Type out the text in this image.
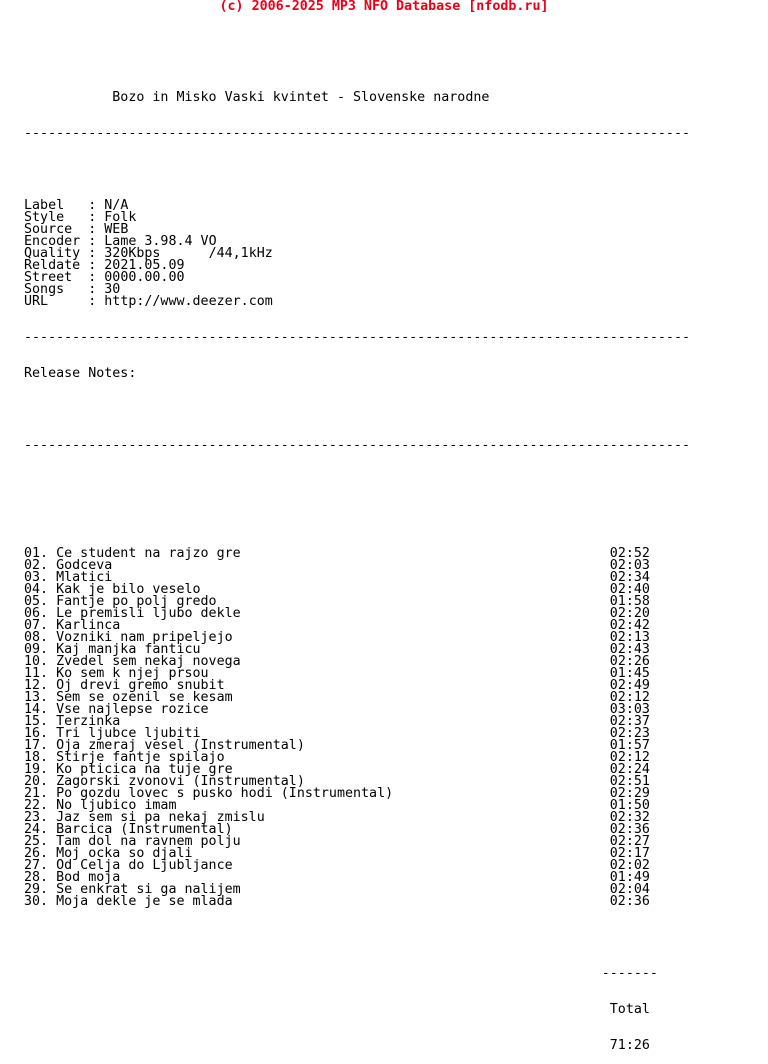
(c) 2006-2025 MP3 NFO Database [nfodb.ru]

Bozo in Misko Vaski kvintet - Slovenske narodne

-----------------------------------------------------------------------------------

Label   : N/A
Style   : Folk
Source  : WEB
Encoder : Lame 3.98.4 VO
Quality : 320Kbps      /44,1kHz
Reldate : 2021.05.09
Street  : 0000.00.00
Songs   : 30
URL     : http://www.deezer.com

-----------------------------------------------------------------------------------

Release Notes:

-----------------------------------------------------------------------------------

01. Ce student na rajzo gre	02:52
02. Godceva	02:03
03. Mlatici	02:34
04. Kak je bilo veselo	02:40
05. Fantje po polj gredo	01:58
06. Le premisli ljubo dekle	02:20
07. Karlinca	02:42
08. Vozniki nam pripeljejo	02:13
09. Kaj manjka fanticu	02:43
10. Zvedel sem nekaj novega	02:26
11. Ko sem k njej prsou	01:45
12. Oj drevi gremo snubit	02:49
13. Sem se ozenil se kesam	02:12
14. Vse najlepse rozice	03:03
15. Terzinka	02:37
16. Tri ljubce ljubiti	02:23
17. Oja zmeraj vesel (Instrumental)	01:57
18. Stirje fantje spilajo	02:12
19. Ko pticica na tuje gre	02:24
20. Zagorski zvonovi (Instrumental)	02:51
21. Po gozdu lovec s pusko hodi (Instrumental)	02:29
22. No ljubico imam	01:50
23. Jaz sem si pa nekaj zmislu	02:32
24. Barcica (Instrumental)	02:36
25. Tam dol na ravnem polju	02:27
26. Moj ocka so djali	02:17
27. Od Celja do Ljubljance	02:02
28. Bod moja	01:49
29. Se enkrat si ga nalijem	02:04
30. Moja dekle je se mlada	02:36

-------

Total

71:26
